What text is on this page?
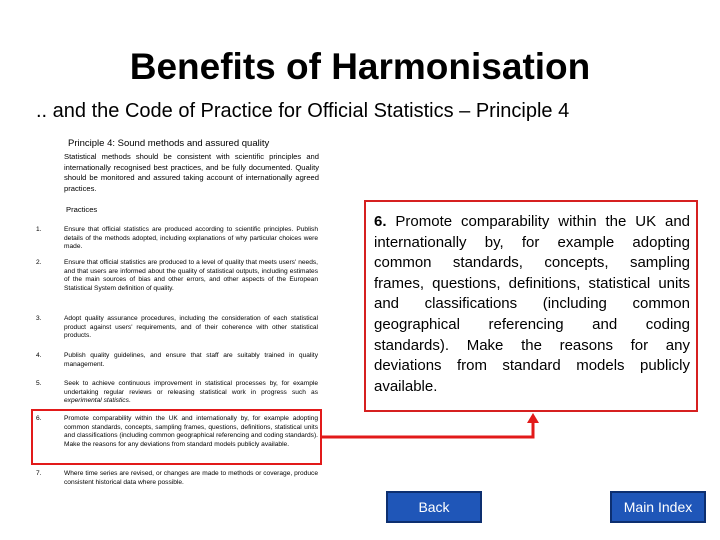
Benefits of Harmonisation
.. and the Code of Practice for Official Statistics – Principle 4
Principle 4: Sound methods and assured quality
Statistical methods should be consistent with scientific principles and internationally recognised best practices, and be fully documented. Quality should be monitored and assured taking account of internationally agreed practices.
Practices
1.	Ensure that official statistics are produced according to scientific principles. Publish details of the methods adopted, including explanations of why particular choices were made.
2.	Ensure that official statistics are produced to a level of quality that meets users' needs, and that users are informed about the quality of statistical outputs, including estimates of the main sources of bias and other errors, and other aspects of the European Statistical System definition of quality.
3.	Adopt quality assurance procedures, including the consideration of each statistical product against users' requirements, and of their coherence with other statistical products.
4.	Publish quality guidelines, and ensure that staff are suitably trained in quality management.
5.	Seek to achieve continuous improvement in statistical processes by, for example undertaking regular reviews or releasing statistical work in progress such as experimental statistics.
6.	Promote comparability within the UK and internationally by, for example adopting common standards, concepts, sampling frames, questions, definitions, statistical units and classifications (including common geographical referencing and coding standards). Make the reasons for any deviations from standard models publicly available.
7.	Where time series are revised, or changes are made to methods or coverage, produce consistent historical data where possible.
6. Promote comparability within the UK and internationally by, for example adopting common standards, concepts, sampling frames, questions, definitions, statistical units and classifications (including common geographical referencing and coding standards). Make the reasons for any deviations from standard models publicly available.
Back	Main Index
